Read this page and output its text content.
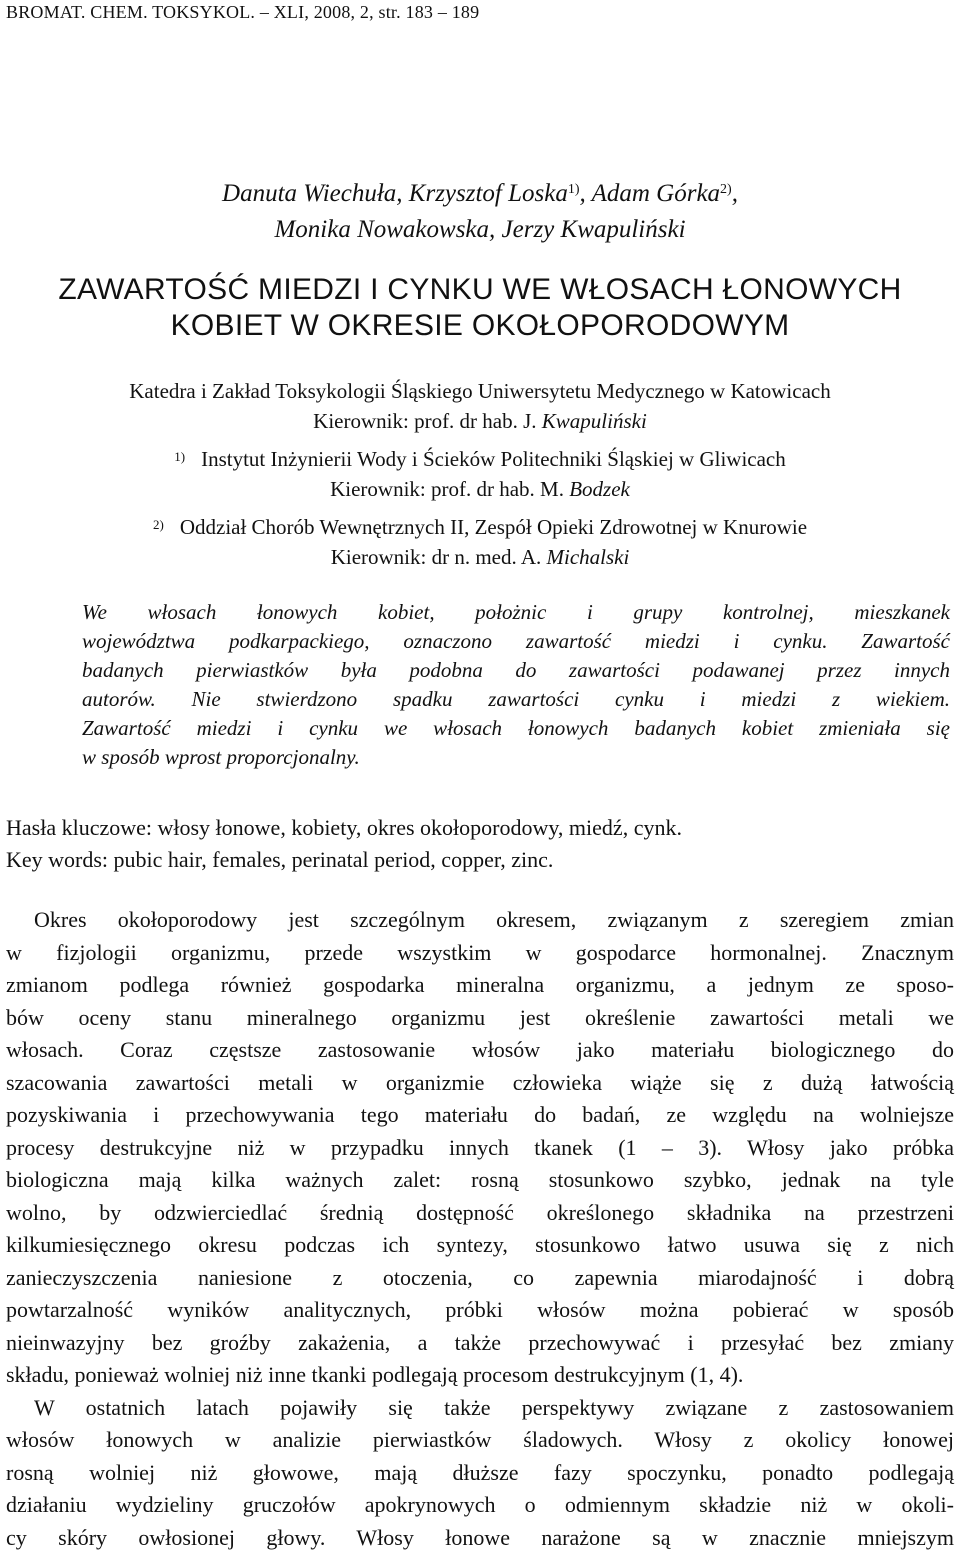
BROMAT. CHEM. TOKSYKOL. – XLI, 2008, 2, str. 183 – 189
Danuta Wiechuła, Krzysztof Loska$^{1)}$, Adam Górka$^{2)}$,
Monika Nowakowska, Jerzy Kwapuliński
ZAWARTOŚĆ MIEDZI I CYNKU WE WŁOSACH ŁONOWYCH
KOBIET W OKRESIE OKOŁOPORODOWYM
Katedra i Zakład Toksykologii Śląskiego Uniwersytetu Medycznego w Katowicach
Kierownik: prof. dr hab. J. Kwapuliński
$^{1)}$ Instytut Inżynierii Wody i Ścieków Politechniki Śląskiej w Gliwicach
Kierownik: prof. dr hab. M. Bodzek
$^{2)}$ Oddział Chorób Wewnętrznych II, Zespół Opieki Zdrowotnej w Knurowie
Kierownik: dr n. med. A. Michalski
We włosach łonowych kobiet, położnic i grupy kontrolnej, mieszkanek
województwa podkarpackiego, oznaczono zawartość miedzi i cynku. Zawartość
badanych pierwiastków była podobna do zawartości podawanej przez innych
autorów. Nie stwierdzono spadku zawartości cynku i miedzi z wiekiem.
Zawartość miedzi i cynku we włosach łonowych badanych kobiet zmieniała się
w sposób wprost proporcjonalny.
Hasła kluczowe: włosy łonowe, kobiety, okres okołoporodowy, miedź, cynk.
Key words: pubic hair, females, perinatal period, copper, zinc.
Okres okołoporodowy jest szczególnym okresem, związanym z szeregiem zmian
w fizjologii organizmu, przede wszystkim w gospodarce hormonalnej. Znacznym
zmianom podlega również gospodarka mineralna organizmu, a jednym ze sposo-
bów oceny stanu mineralnego organizmu jest określenie zawartości metali we
włosach. Coraz częstsze zastosowanie włosów jako materiału biologicznego do
szacowania zawartości metali w organizmie człowieka wiąże się z dużą łatwością
pozyskiwania i przechowywania tego materiału do badań, ze względu na wolniejsze
procesy destrukcyjne niż w przypadku innych tkanek (1 – 3). Włosy jako próbka
biologiczna mają kilka ważnych zalet: rosną stosunkowo szybko, jednak na tyle
wolno, by odzwierciedlać średnią dostępność określonego składnika na przestrzeni
kilkumiesięcznego okresu podczas ich syntezy, stosunkowo łatwo usuwa się z nich
zanieczyszczenia naniesione z otoczenia, co zapewnia miarodajność i dobrą
powtarzalność wyników analitycznych, próbki włosów można pobierać w sposób
nieinwazyjny bez groźby zakażenia, a także przechowywać i przesyłać bez zmiany
składu, ponieważ wolniej niż inne tkanki podlegają procesom destrukcyjnym (1, 4).
W ostatnich latach pojawiły się także perspektywy związane z zastosowaniem
włosów łonowych w analizie pierwiastków śladowych. Włosy z okolicy łonowej
rosną wolniej niż głowowe, mają dłuższe fazy spoczynku, ponadto podlegają
działaniu wydzieliny gruczołów apokrynowych o odmiennym składzie niż w okoli-
cy skóry owłosionej głowy. Włosy łonowe narażone są w znacznie mniejszym
